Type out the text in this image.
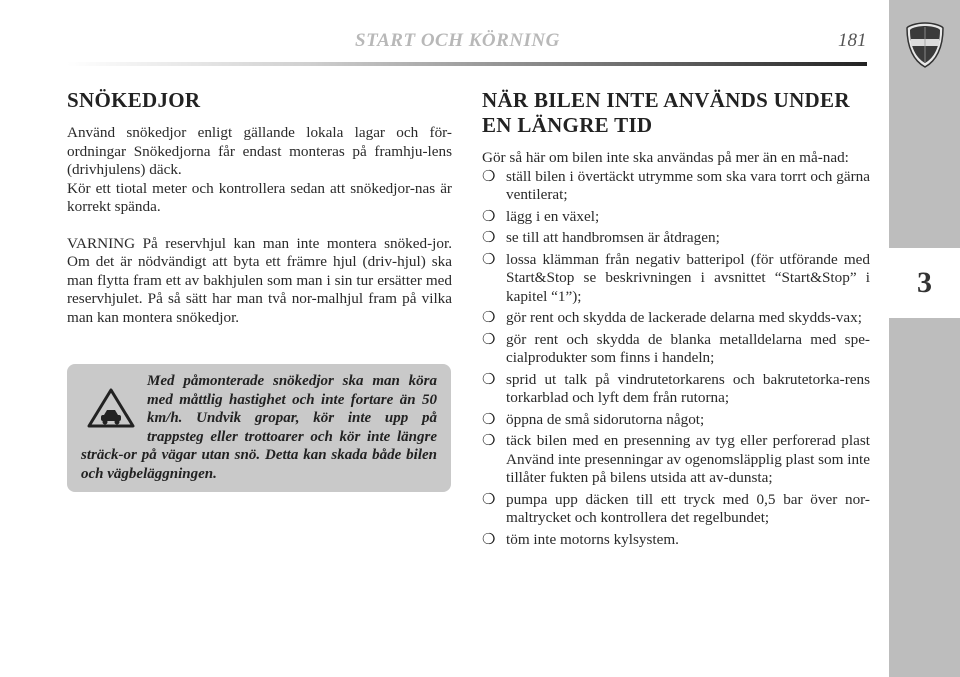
START OCH KÖRNING	181
3
SNÖKEDJOR

Använd snökedjor enligt gällande lokala lagar och för-ordningar Snökedjorna får endast monteras på framhju-lens (drivhjulens) däck.

Kör ett tiotal meter och kontrollera sedan att snökedjor-nas är korrekt spända.

VARNING På reservhjul kan man inte montera snöked-jor. Om det är nödvändigt att byta ett främre hjul (driv-hjul) ska man flytta fram ett av bakhjulen som man i sin tur ersätter med reservhjulet. På så sätt har man två nor-malhjul fram på vilka man kan montera snökedjor.

Med påmonterade snökedjor ska man köra med måttlig hastighet och inte fortare än 50 km/h. Undvik gropar, kör inte upp på trappsteg eller trottoarer och kör inte längre sträck-or på vägar utan snö. Detta kan skada både bilen och vägbeläggningen.

NÄR BILEN INTE ANVÄNDS UNDER
EN LÄNGRE TID

Gör så här om bilen inte ska användas på mer än en må-nad:

❍ ställ bilen i övertäckt utrymme som ska vara torrt och gärna ventilerat;
❍ lägg i en växel;
❍ se till att handbromsen är åtdragen;
❍ lossa klämman från negativ batteripol (för utförande med Start&Stop se beskrivningen i avsnittet “Start&Stop” i kapitel “1”);
❍ gör rent och skydda de lackerade delarna med skydds-vax;
❍ gör rent och skydda de blanka metalldelarna med spe-cialprodukter som finns i handeln;
❍ sprid ut talk på vindrutetorkarens och bakrutetorka-rens torkarblad och lyft dem från rutorna;
❍ öppna de små sidorutorna något;
❍ täck bilen med en presenning av tyg eller perforerad plast Använd inte presenningar av ogenomsläpplig plast som inte tillåter fukten på bilens utsida att av-dunsta;
❍ pumpa upp däcken till ett tryck med 0,5 bar över nor-maltrycket och kontrollera det regelbundet;
❍ töm inte motorns kylsystem.
